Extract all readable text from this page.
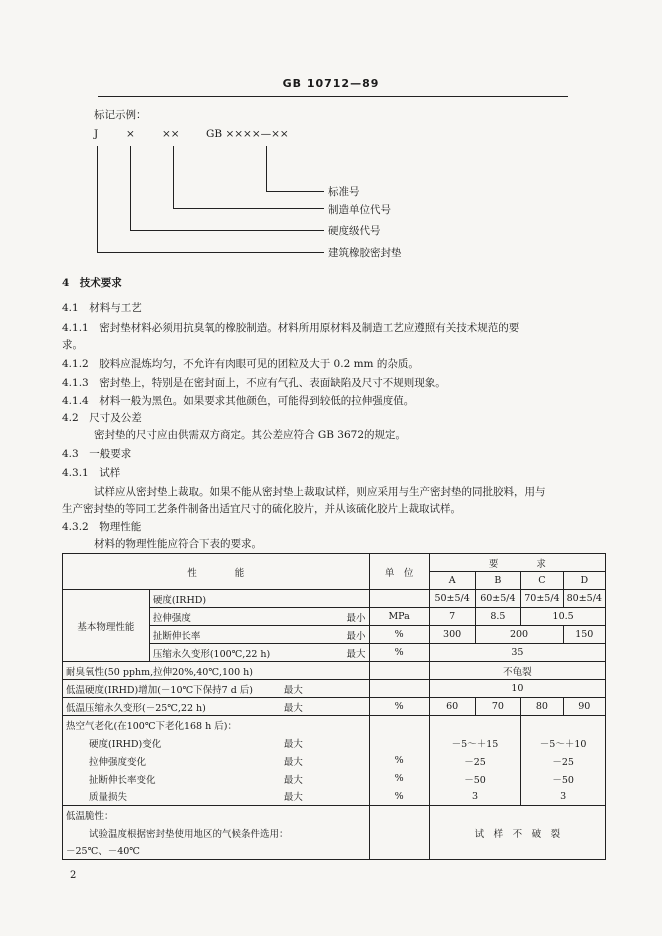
GB 10712—89
标记示例：
J	×	××	GB ××××—××
标准号
制造单位代号
硬度级代号
建筑橡胶密封垫
4　技术要求
4.1　材料与工艺
4.1.1　密封垫材料必须用抗臭氧的橡胶制造。材料所用原材料及制造工艺应遵照有关技术规范的要
求。
4.1.2　胶料应混炼均匀，不允许有肉眼可见的团粒及大于 0.2 mm 的杂质。
4.1.3　密封垫上，特别是在密封面上，不应有气孔、表面缺陷及尺寸不规则现象。
4.1.4　材料一般为黑色。如果要求其他颜色，可能得到较低的拉伸强度值。
4.2　尺寸及公差
密封垫的尺寸应由供需双方商定。其公差应符合 GB 3672的规定。
4.3　一般要求
4.3.1　试样
试样应从密封垫上裁取。如果不能从密封垫上裁取试样，则应采用与生产密封垫的同批胶料，用与
生产密封垫的等同工艺条件制备出适宜尺寸的硫化胶片，并从该硫化胶片上裁取试样。
4.3.2　物理性能
材料的物理性能应符合下表的要求。
性　　　　能			单　位	要　　　　求			
				A	B	C	D
基本物理性能	硬度(IRHD)			50±5/4	60±5/4	70±5/4	80±5/4
	拉伸强度	最小	MPa	7	8.5	10.5	
	扯断伸长率	最小	%	300	200		150
	压缩永久变形(100℃,22 h)	最大	%	35			
耐臭氧性(50 pphm,拉伸20%,40℃,100 h)				不龟裂			
低温硬度(IRHD)增加(－10℃下保持7 d 后)		最大		10			
低温压缩永久变形(－25℃,22 h)		最大	%	60	70	80	90
热空气老化(在100℃下老化168 h 后)：							
硬度(IRHD)变化		最大		－5～＋15		－5～＋10	
拉伸强度变化		最大	%	－25		－25	
扯断伸长率变化		最大	%	－50		－50	
质量损失		最大	%	3		3	
低温脆性：				试　样　不　破　裂			
试验温度根据密封垫使用地区的气候条件选用：							
－25℃、－40℃							
2
